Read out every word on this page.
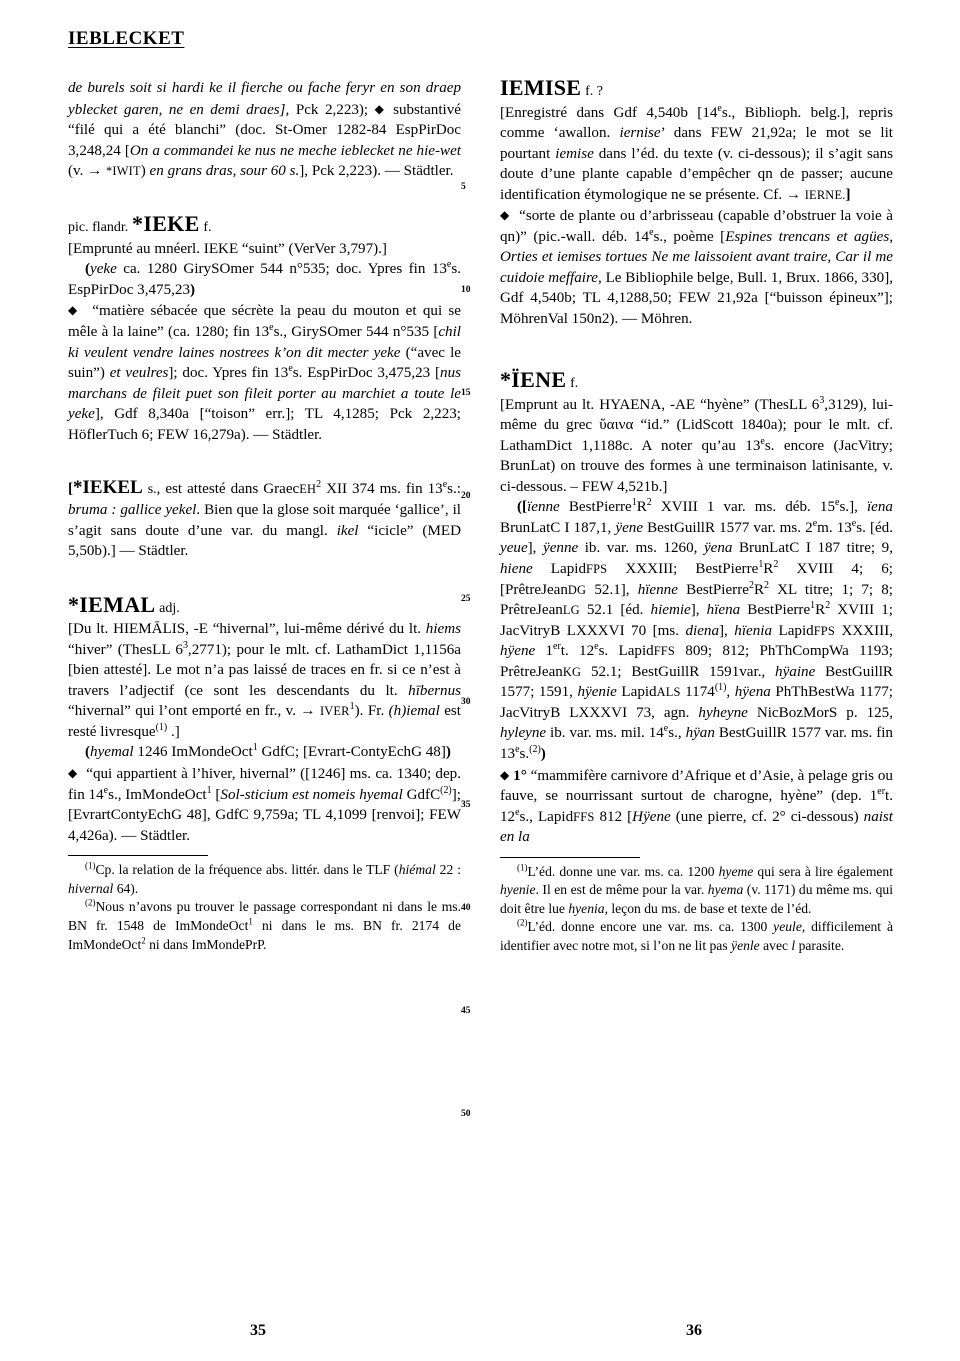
IEBLECKET
5
10
15
20
25
30
35
40
45
50

de burels soit si hardi ke il fierche ou fache feryr en son draep yblecket garen, ne en demi draes], Pck 2,223); ◆ substantivé “filé qui a été blanchi” (doc. St-Omer 1282-84 EspPirDoc 3,248,24 [On a commandei ke nus ne meche ieblecket ne hie-wet (v. → *IWIT) en grans dras, sour 60 s.], Pck 2,223). — Städtler.

pic. flandr. *IEKE f.

[Emprunté au mnéerl. IEKE “suint” (VerVer 3,797).]

(yeke ca. 1280 GirySOmer 544 n°535; doc. Ypres fin 13es. EspPirDoc 3,475,23)

◆ “matière sébacée que sécrète la peau du mouton et qui se mêle à la laine” (ca. 1280; fin 13es., GirySOmer 544 n°535 [chil ki veulent vendre laines nostrees k’on dit mecter yeke (“avec le suin”) et veulres]; doc. Ypres fin 13es. EspPirDoc 3,475,23 [nus marchans de fileit puet son fileit porter au marchiet a toute le yeke], Gdf 8,340a [“toison” err.]; TL 4,1285; Pck 2,223; HöflerTuch 6; FEW 16,279a). — Städtler.

[*IEKEL s., est attesté dans GraecEH$^2$ XII 374 ms. fin 13es.: bruma : gallice yekel. Bien que la glose soit marquée ‘gallice’, il s’agit sans doute d’une var. du mangl. ikel “icicle” (MED 5,50b).] — Städtler.

*IEMAL adj.

[Du lt. HIEMĀLIS, -E “hivernal”, lui-même dérivé du lt. hiems “hiver” (ThesLL $6^3,2771$); pour le mlt. cf. LathamDict 1,1156a [bien attesté]. Le mot n’a pas laissé de traces en fr. si ce n’est à travers l’adjectif (ce sont les descendants du lt. hībernus “hivernal” qui l’ont emporté en fr., v. → $IVER^1$). Fr. (h)iemal est resté livresque$^{(1)}$ .]

(hyemal 1246 ImMondeOct$^1$ GdfC; [Evrart-ContyEchG 48])

◆ “qui appartient à l’hiver, hivernal” ([1246] ms. ca. 1340; dep. fin 14es., ImMondeOct$^1$ [Sol-sticium est nomeis hyemal GdfC$^{(2)}$]; [EvrartContyEchG 48], GdfC 9,759a; TL 4,1099 [renvoi]; FEW 4,426a). — Städtler.

$^{(1)}$Cp. la relation de la fréquence abs. littér. dans le TLF (hiémal 22 : hivernal 64).

$^{(2)}$Nous n’avons pu trouver le passage correspondant ni dans le ms. BN fr. 1548 de ImMondeOct$^1$ ni dans le ms. BN fr. 2174 de ImMondeOct$^2$ ni dans ImMondePrP.

IEMISE f. ?

[Enregistré dans Gdf 4,540b [14es., Biblioph. belg.], repris comme ‘awallon. iernise’ dans FEW 21,92a; le mot se lit pourtant iemise dans l’éd. du texte (v. ci-dessous); il s’agit sans doute d’une plante capable d’empêcher qn de passer; aucune identification étymologique ne se présente. Cf. → IERNE.]

◆ “sorte de plante ou d’arbrisseau (capable d’obstruer la voie à qn)” (pic.-wall. déb. 14es., poème [Espines trencans et agües, Orties et iemises tortues Ne me laissoient avant traire, Car il me cuidoie meffaire, Le Bibliophile belge, Bull. 1, Brux. 1866, 330], Gdf 4,540b; TL 4,1288,50; FEW 21,92a [“buisson épineux”]; MöhrenVal 150n2). — Möhren.

*ÏENE f.

[Emprunt au lt. HYAENA, -AE “hyène” (ThesLL $6^3,3129$), lui-même du grec ὕαινα “id.” (LidScott 1840a); pour le mlt. cf. LathamDict 1,1188c. A noter qu’au 13es. encore (JacVitry; BrunLat) on trouve des formes à une terminaison latinisante, v. ci-dessous. – FEW 4,521b.]

([ïenne $BestPierre^1R^2$ XVIII 1 var. ms. déb. 15es.], ïena BrunLatC I 187,1, ÿene BestGuillR 1577 var. ms. 2em. 13es. [éd. yeue], ÿenne ib. var. ms. 1260, ÿena BrunLatC I 187 titre; 9, hiene LapidFPS XXXIII; $BestPierre^1R^2$ XVIII 4; 6; [PrêtreJeanDG 52.1], hïenne $BestPierre^2R^2$ XL titre; 1; 7; 8; PrêtreJeanLG 52.1 [éd. hiemie], hïena $BestPierre^1R^2$ XVIII 1; JacVitryB LXXXVI 70 [ms. diena], hïenia LapidFPS XXXIII, hÿene 1ert. 12es. LapidFFS 809; 812; PhThCompWa 1193; PrêtreJeanKG 52.1; BestGuillR 1591var., hÿaine BestGuillR 1577; 1591, hÿenie LapidALS 1174$^{(1)}$, hÿena PhThBestWa 1177; JacVitryB LXXXVI 73, agn. hyheyne NicBozMorS p. 125, hyleyne ib. var. ms. mil. 14es., hÿan BestGuillR 1577 var. ms. fin 13es.$^{(2)}$)

◆ 1° “mammifère carnivore d’Afrique et d’Asie, à pelage gris ou fauve, se nourrissant surtout de charogne, hyène” (dep. 1ert. 12es., LapidFFS 812 [Hÿene (une pierre, cf. 2° ci-dessous) naist en la

$^{(1)}$L’éd. donne une var. ms. ca. 1200 hyeme qui sera à lire également hyenie. Il en est de même pour la var. hyema (v. 1171) du même ms. qui doit être lue hyenia, leçon du ms. de base et texte de l’éd.

$^{(2)}$L’éd. donne encore une var. ms. ca. 1300 yeule, difficilement à identifier avec notre mot, si l’on ne lit pas ÿenle avec l parasite.

35	36
